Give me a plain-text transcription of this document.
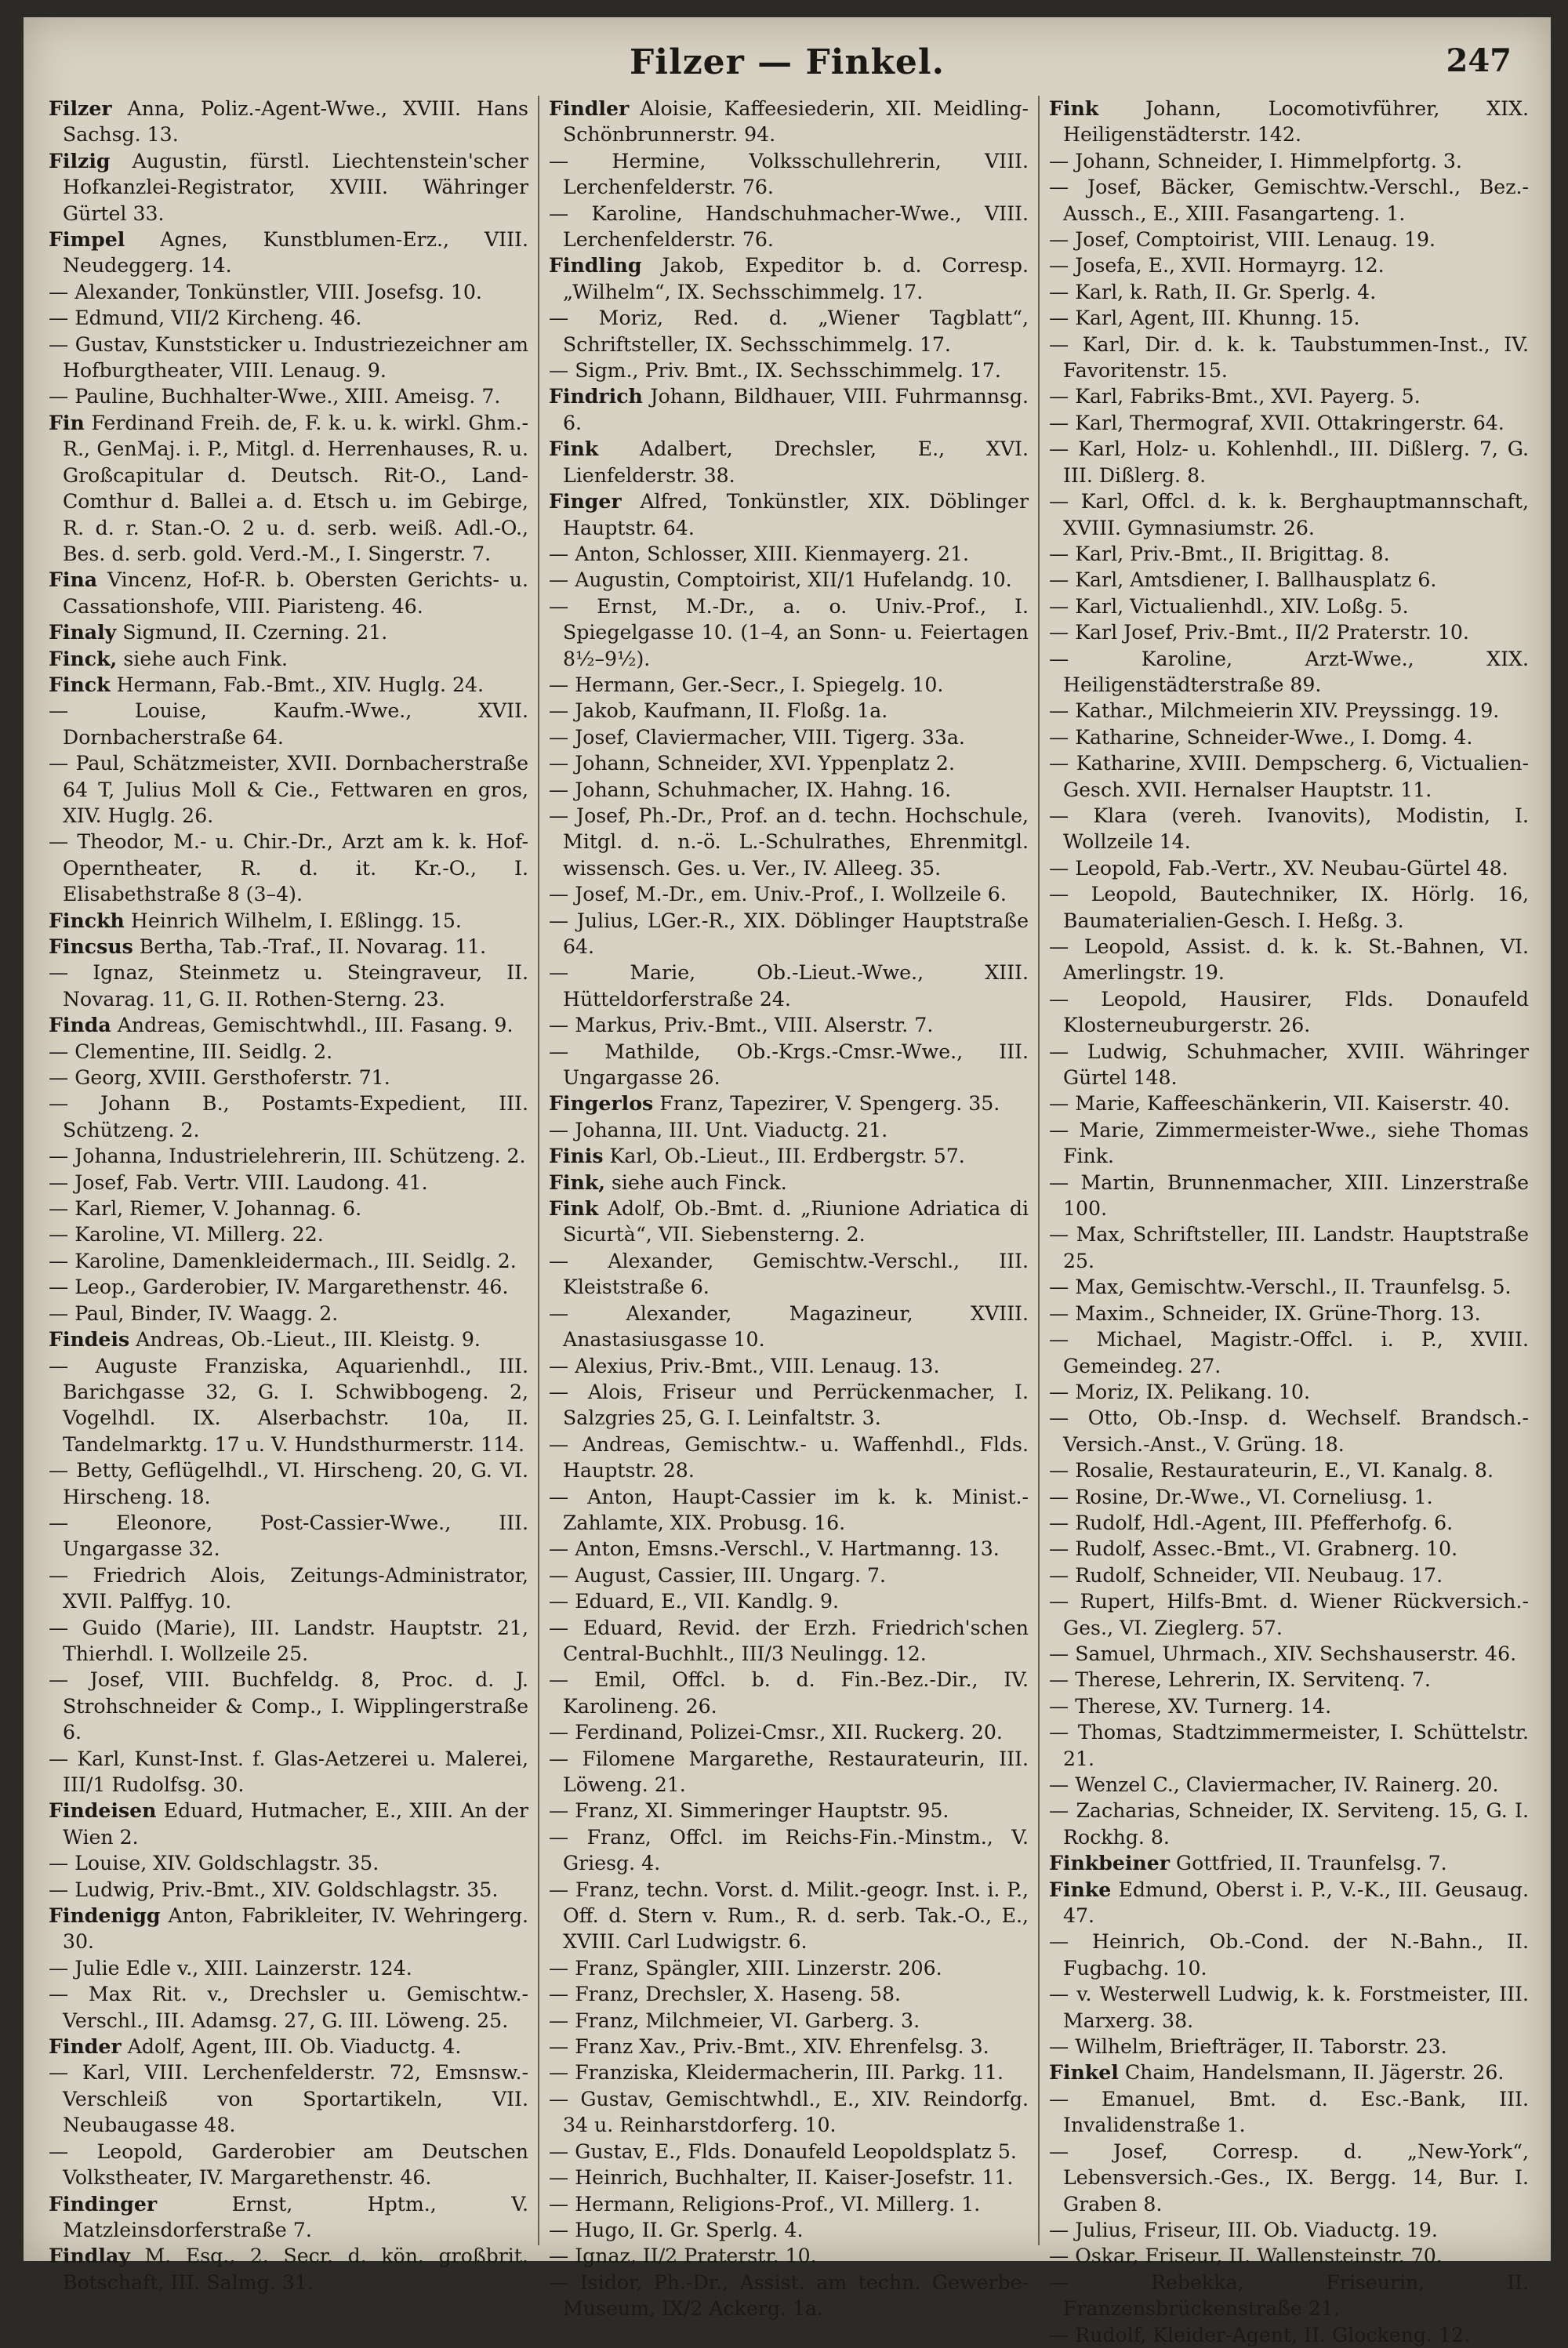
Filzer — Finkel.	247

Filzer Anna, Poliz.-Agent-Wwe., XVIII. Hans Sachsg. 13.

Filzig Augustin, fürstl. Liechtenstein'scher Hofkanzlei-Registrator, XVIII. Währinger Gürtel 33.

Fimpel Agnes, Kunstblumen-Erz., VIII. Neudeggerg. 14.

— Alexander, Tonkünstler, VIII. Josefsg. 10.

— Edmund, VII/2 Kircheng. 46.

— Gustav, Kunststicker u. Industriezeichner am Hofburgtheater, VIII. Lenaug. 9.

— Pauline, Buchhalter-Wwe., XIII. Ameisg. 7.

Fin Ferdinand Freih. de, F. k. u. k. wirkl. Ghm.-R., GenMaj. i. P., Mitgl. d. Herrenhauses, R. u. Großcapitular d. Deutsch. Rit-O., Land-Comthur d. Ballei a. d. Etsch u. im Gebirge, R. d. r. Stan.-O. 2 u. d. serb. weiß. Adl.-O., Bes. d. serb. gold. Verd.-M., I. Singerstr. 7.

Fina Vincenz, Hof-R. b. Obersten Gerichts- u. Cassationshofe, VIII. Piaristeng. 46.

Finaly Sigmund, II. Czerning. 21.

Finck, siehe auch Fink.

Finck Hermann, Fab.-Bmt., XIV. Huglg. 24.

— Louise, Kaufm.-Wwe., XVII. Dornbacherstraße 64.

— Paul, Schätzmeister, XVII. Dornbacherstraße 64 T, Julius Moll & Cie., Fettwaren en gros, XIV. Huglg. 26.

— Theodor, M.- u. Chir.-Dr., Arzt am k. k. Hof-Operntheater, R. d. it. Kr.-O., I. Elisabethstraße 8 (3–4).

Finckh Heinrich Wilhelm, I. Eßlingg. 15.

Fincsus Bertha, Tab.-Traf., II. Novarag. 11.

— Ignaz, Steinmetz u. Steingraveur, II. Novarag. 11, G. II. Rothen-Sterng. 23.

Finda Andreas, Gemischtwhdl., III. Fasang. 9.

— Clementine, III. Seidlg. 2.

— Georg, XVIII. Gersthoferstr. 71.

— Johann B., Postamts-Expedient, III. Schützeng. 2.

— Johanna, Industrielehrerin, III. Schützeng. 2.

— Josef, Fab. Vertr. VIII. Laudong. 41.

— Karl, Riemer, V. Johannag. 6.

— Karoline, VI. Millerg. 22.

— Karoline, Damenkleidermach., III. Seidlg. 2.

— Leop., Garderobier, IV. Margarethenstr. 46.

— Paul, Binder, IV. Waagg. 2.

Findeis Andreas, Ob.-Lieut., III. Kleistg. 9.

— Auguste Franziska, Aquarienhdl., III. Barichgasse 32, G. I. Schwibbogeng. 2, Vogelhdl. IX. Alserbachstr. 10a, II. Tandelmarktg. 17 u. V. Hundsthurmerstr. 114.

— Betty, Geflügelhdl., VI. Hirscheng. 20, G. VI. Hirscheng. 18.

— Eleonore, Post-Cassier-Wwe., III. Ungargasse 32.

— Friedrich Alois, Zeitungs-Administrator, XVII. Palffyg. 10.

— Guido (Marie), III. Landstr. Hauptstr. 21, Thierhdl. I. Wollzeile 25.

— Josef, VIII. Buchfeldg. 8, Proc. d. J. Strohschneider & Comp., I. Wipplingerstraße 6.

— Karl, Kunst-Inst. f. Glas-Aetzerei u. Malerei, III/1 Rudolfsg. 30.

Findeisen Eduard, Hutmacher, E., XIII. An der Wien 2.

— Louise, XIV. Goldschlagstr. 35.

— Ludwig, Priv.-Bmt., XIV. Goldschlagstr. 35.

Findenigg Anton, Fabrikleiter, IV. Wehringerg. 30.

— Julie Edle v., XIII. Lainzerstr. 124.

— Max Rit. v., Drechsler u. Gemischtw.-Verschl., III. Adamsg. 27, G. III. Löweng. 25.

Finder Adolf, Agent, III. Ob. Viaductg. 4.

— Karl, VIII. Lerchenfelderstr. 72, Emsnsw.-Verschleiß von Sportartikeln, VII. Neubaugasse 48.

— Leopold, Garderobier am Deutschen Volkstheater, IV. Margarethenstr. 46.

Findinger	Ernst, Hptm., V. Matzleinsdorferstraße 7.

Findlay M. Esq., 2. Secr. d. kön. großbrit. Botschaft, III. Salmg. 31.

Findler Aloisie, Kaffeesiederin, XII. Meidling-Schönbrunnerstr. 94.

— Hermine, Volksschullehrerin, VIII. Lerchenfelderstr. 76.

— Karoline, Handschuhmacher-Wwe., VIII. Lerchenfelderstr. 76.

Findling Jakob, Expeditor b. d. Corresp. „Wilhelm“, IX. Sechsschimmelg. 17.

— Moriz, Red. d. „Wiener Tagblatt“, Schriftsteller, IX. Sechsschimmelg. 17.

— Sigm., Priv. Bmt., IX. Sechsschimmelg. 17.

Findrich Johann, Bildhauer, VIII. Fuhrmannsg. 6.

Fink Adalbert, Drechsler, E., XVI. Lienfelderstr. 38.

Finger Alfred, Tonkünstler, XIX. Döblinger Hauptstr. 64.

— Anton, Schlosser, XIII. Kienmayerg. 21.

— Augustin, Comptoirist, XII/1 Hufelandg. 10.

— Ernst, M.-Dr., a. o. Univ.-Prof., I. Spiegelgasse 10. (1–4, an Sonn- u. Feiertagen 8½–9½).

— Hermann, Ger.-Secr., I. Spiegelg. 10.

— Jakob, Kaufmann, II. Floßg. 1a.

— Josef, Claviermacher, VIII. Tigerg. 33a.

— Johann, Schneider, XVI. Yppenplatz 2.

— Johann, Schuhmacher, IX. Hahng. 16.

— Josef, Ph.-Dr., Prof. an d. techn. Hochschule, Mitgl. d. n.-ö. L.-Schulrathes, Ehrenmitgl. wissensch. Ges. u. Ver., IV. Alleeg. 35.

— Josef, M.-Dr., em. Univ.-Prof., I. Wollzeile 6.

— Julius, LGer.-R., XIX. Döblinger Hauptstraße 64.

— Marie, Ob.-Lieut.-Wwe., XIII. Hütteldorferstraße 24.

— Markus, Priv.-Bmt., VIII. Alserstr. 7.

— Mathilde, Ob.-Krgs.-Cmsr.-Wwe., III. Ungargasse 26.

Fingerlos Franz, Tapezirer, V. Spengerg. 35.

— Johanna, III. Unt. Viaductg. 21.

Finis Karl, Ob.-Lieut., III. Erdbergstr. 57.

Fink, siehe auch Finck.

Fink Adolf, Ob.-Bmt. d. „Riunione Adriatica di Sicurtà“, VII. Siebensterng. 2.

— Alexander, Gemischtw.-Verschl., III. Kleiststraße 6.

— Alexander, Magazineur, XVIII. Anastasiusgasse 10.

— Alexius, Priv.-Bmt., VIII. Lenaug. 13.

— Alois, Friseur und Perrückenmacher, I. Salzgries 25, G. I. Leinfaltstr. 3.

— Andreas, Gemischtw.- u. Waffenhdl., Flds. Hauptstr. 28.

— Anton, Haupt-Cassier im k. k. Minist.-Zahlamte, XIX. Probusg. 16.

— Anton, Emsns.-Verschl., V. Hartmanng. 13.

— August, Cassier, III. Ungarg. 7.

— Eduard, E., VII. Kandlg. 9.

— Eduard, Revid. der Erzh. Friedrich'schen Central-Buchhlt., III/3 Neulingg. 12.

— Emil, Offcl. b. d. Fin.-Bez.-Dir., IV. Karolineng. 26.

— Ferdinand, Polizei-Cmsr., XII. Ruckerg. 20.

— Filomene Margarethe, Restaurateurin, III. Löweng. 21.

— Franz, XI. Simmeringer Hauptstr. 95.

— Franz, Offcl. im Reichs-Fin.-Minstm., V. Griesg. 4.

— Franz, techn. Vorst. d. Milit.-geogr. Inst. i. P., Off. d. Stern v. Rum., R. d. serb. Tak.-O., E., XVIII. Carl Ludwigstr. 6.

— Franz, Spängler, XIII. Linzerstr. 206.

— Franz, Drechsler, X. Haseng. 58.

— Franz, Milchmeier, VI. Garberg. 3.

— Franz Xav., Priv.-Bmt., XIV. Ehrenfelsg. 3.

— Franziska, Kleidermacherin, III. Parkg. 11.

— Gustav, Gemischtwhdl., E., XIV. Reindorfg. 34 u. Reinharstdorferg. 10.

— Gustav, E., Flds. Donaufeld Leopoldsplatz 5.

— Heinrich, Buchhalter, II. Kaiser-Josefstr. 11.

— Hermann, Religions-Prof., VI. Millerg. 1.

— Hugo, II. Gr. Sperlg. 4.

— Ignaz, II/2 Praterstr. 10.

— Isidor, Ph.-Dr., Assist. am techn. Gewerbe-Museum, IX/2 Ackerg. 1a.

Fink Johann, Locomotivführer, XIX. Heiligenstädterstr. 142.

— Johann, Schneider, I. Himmelpfortg. 3.

— Josef, Bäcker, Gemischtw.-Verschl., Bez.-Aussch., E., XIII. Fasangarteng. 1.

— Josef, Comptoirist, VIII. Lenaug. 19.

— Josefa, E., XVII. Hormayrg. 12.

— Karl, k. Rath, II. Gr. Sperlg. 4.

— Karl, Agent, III. Khunng. 15.

— Karl, Dir. d. k. k. Taubstummen-Inst., IV. Favoritenstr. 15.

— Karl, Fabriks-Bmt., XVI. Payerg. 5.

— Karl, Thermograf, XVII. Ottakringerstr. 64.

— Karl, Holz- u. Kohlenhdl., III. Dißlerg. 7, G. III. Dißlerg. 8.

— Karl, Offcl. d. k. k. Berghauptmannschaft, XVIII. Gymnasiumstr. 26.

— Karl, Priv.-Bmt., II. Brigittag. 8.

— Karl, Amtsdiener, I. Ballhausplatz 6.

— Karl, Victualienhdl., XIV. Loßg. 5.

— Karl Josef, Priv.-Bmt., II/2 Praterstr. 10.

— Karoline, Arzt-Wwe., XIX. Heiligenstädterstraße 89.

— Kathar., Milchmeierin XIV. Preyssingg. 19.

— Katharine, Schneider-Wwe., I. Domg. 4.

— Katharine, XVIII. Dempscherg. 6, Victualien-Gesch. XVII. Hernalser Hauptstr. 11.

— Klara (vereh. Ivanovits), Modistin, I. Wollzeile 14.

— Leopold, Fab.-Vertr., XV. Neubau-Gürtel 48.

— Leopold, Bautechniker, IX. Hörlg. 16, Baumaterialien-Gesch. I. Heßg. 3.

— Leopold, Assist. d. k. k. St.-Bahnen, VI. Amerlingstr. 19.

— Leopold, Hausirer, Flds. Donaufeld Klosterneuburgerstr. 26.

— Ludwig, Schuhmacher, XVIII. Währinger Gürtel 148.

— Marie, Kaffeeschänkerin, VII. Kaiserstr. 40.

— Marie, Zimmermeister-Wwe., siehe Thomas Fink.

— Martin, Brunnenmacher, XIII. Linzerstraße 100.

— Max, Schriftsteller, III. Landstr. Hauptstraße 25.

— Max, Gemischtw.-Verschl., II. Traunfelsg. 5.

— Maxim., Schneider, IX. Grüne-Thorg. 13.

— Michael, Magistr.-Offcl. i. P., XVIII. Gemeindeg. 27.

— Moriz, IX. Pelikang. 10.

— Otto, Ob.-Insp. d. Wechself. Brandsch.-Versich.-Anst., V. Grüng. 18.

— Rosalie, Restaurateurin, E., VI. Kanalg. 8.

— Rosine, Dr.-Wwe., VI. Corneliusg. 1.

— Rudolf, Hdl.-Agent, III. Pfefferhofg. 6.

— Rudolf, Assec.-Bmt., VI. Grabnerg. 10.

— Rudolf, Schneider, VII. Neubaug. 17.

— Rupert, Hilfs-Bmt. d. Wiener Rückversich.-Ges., VI. Zieglerg. 57.

— Samuel, Uhrmach., XIV. Sechshauserstr. 46.

— Therese, Lehrerin, IX. Servitenq. 7.

— Therese, XV. Turnerg. 14.

— Thomas, Stadtzimmermeister, I. Schüttelstr. 21.

— Wenzel C., Claviermacher, IV. Rainerg. 20.

— Zacharias, Schneider, IX. Serviteng. 15, G. I. Rockhg. 8.

Finkbeiner Gottfried, II. Traunfelsg. 7.

Finke Edmund, Oberst i. P., V.-K., III. Geusaug. 47.

— Heinrich, Ob.-Cond. der N.-Bahn., II. Fugbachg. 10.

— v. Westerwell Ludwig, k. k. Forstmeister, III. Marxerg. 38.

— Wilhelm, Briefträger, II. Taborstr. 23.

Finkel Chaim, Handelsmann, II. Jägerstr. 26.

— Emanuel, Bmt. d. Esc.-Bank, III. Invalidenstraße 1.

— Josef, Corresp. d. „New-York“, Lebensversich.-Ges., IX. Bergg. 14, Bur. I. Graben 8.

— Julius, Friseur, III. Ob. Viaductg. 19.

— Oskar, Friseur, II. Wallensteinstr. 70.

— Rebekka, Friseurin, II. Franzensbrückenstraße 21.

— Rudolf, Kleider-Agent, II. Glockeng. 12.
